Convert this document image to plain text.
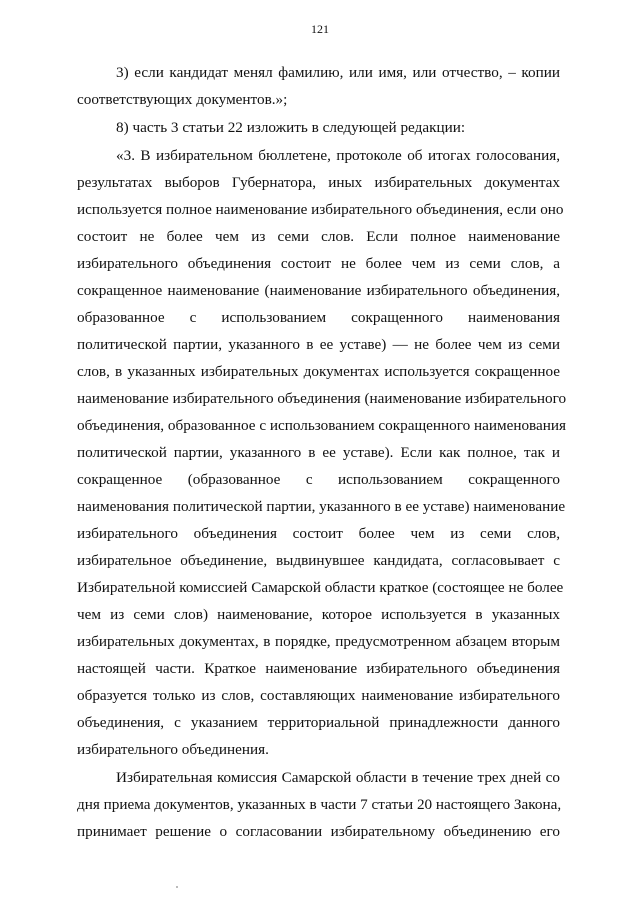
121
3) если кандидат менял фамилию, или имя, или отчество, – копии
соответствующих документов.»;
8) часть 3 статьи 22 изложить в следующей редакции:
«3. В избирательном бюллетене, протоколе об итогах голосования,
результатах выборов Губернатора, иных избирательных документах
используется полное наименование избирательного объединения, если оно
состоит не более чем из семи слов. Если полное наименование
избирательного объединения состоит не более чем из семи слов, а
сокращенное наименование (наименование избирательного объединения,
образованное с использованием сокращенного наименования
политической партии, указанного в ее уставе) — не более чем из семи
слов, в указанных избирательных документах используется сокращенное
наименование избирательного объединения (наименование избирательного
объединения, образованное с использованием сокращенного наименования
политической партии, указанного в ее уставе). Если как полное, так и
сокращенное (образованное с использованием сокращенного
наименования политической партии, указанного в ее уставе) наименование
избирательного объединения состоит более чем из семи слов,
избирательное объединение, выдвинувшее кандидата, согласовывает с
Избирательной комиссией Самарской области краткое (состоящее не более
чем из семи слов) наименование, которое используется в указанных
избирательных документах, в порядке, предусмотренном абзацем вторым
настоящей части. Краткое наименование избирательного объединения
образуется только из слов, составляющих наименование избирательного
объединения, с указанием территориальной принадлежности данного
избирательного объединения.
Избирательная комиссия Самарской области в течение трех дней со
дня приема документов, указанных в части 7 статьи 20 настоящего Закона,
принимает решение о согласовании избирательному объединению его
